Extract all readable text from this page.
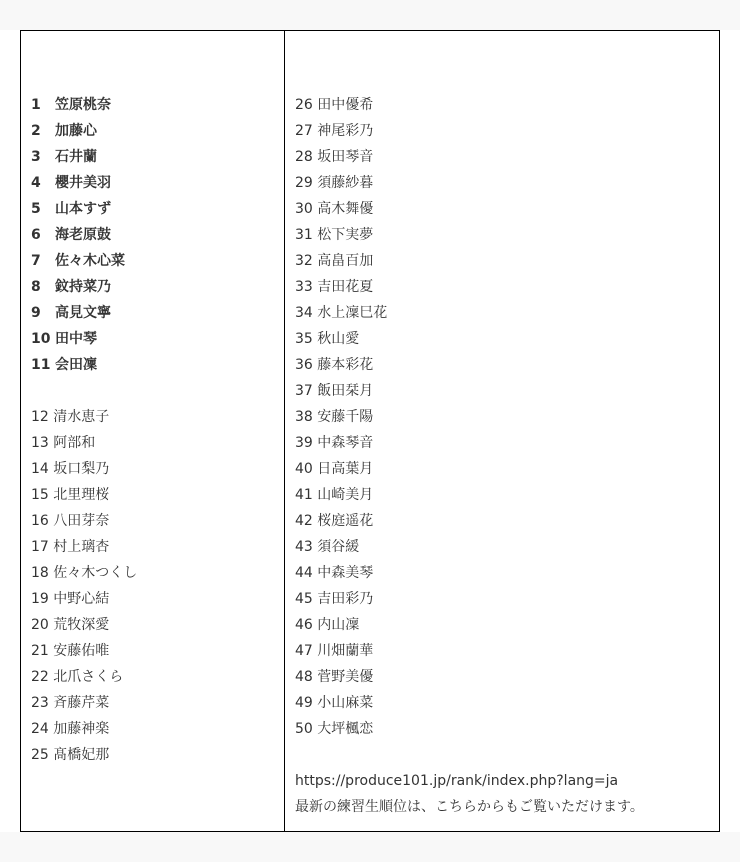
1 笠原桃奈
2 加藤心
3 石井蘭
4 櫻井美羽
5 山本すず
6 海老原鼓
7 佐々木心菜
8 鈫持菜乃
9 高見文寧
10 田中琴
11 会田凜
12 清水恵子
13 阿部和
14 坂口梨乃
15 北里理桜
16 八田芽奈
17 村上璃杏
18 佐々木つくし
19 中野心結
20 荒牧深愛
21 安藤佑唯
22 北爪さくら
23 斉藤芹菜
24 加藤神楽
25 髙橋妃那
26 田中優希
27 神尾彩乃
28 坂田琴音
29 須藤紗暮
30 高木舞優
31 松下実夢
32 高畠百加
33 吉田花夏
34 水上凜巳花
35 秋山愛
36 藤本彩花
37 飯田栞月
38 安藤千陽
39 中森琴音
40 日高葉月
41 山崎美月
42 桜庭遥花
43 須谷緩
44 中森美琴
45 吉田彩乃
46 内山凜
47 川畑蘭華
48 菅野美優
49 小山麻菜
50 大坪楓恋
https://produce101.jp/rank/index.php?lang=ja
最新の練習生順位は、こちらからもご覧いただけます。
